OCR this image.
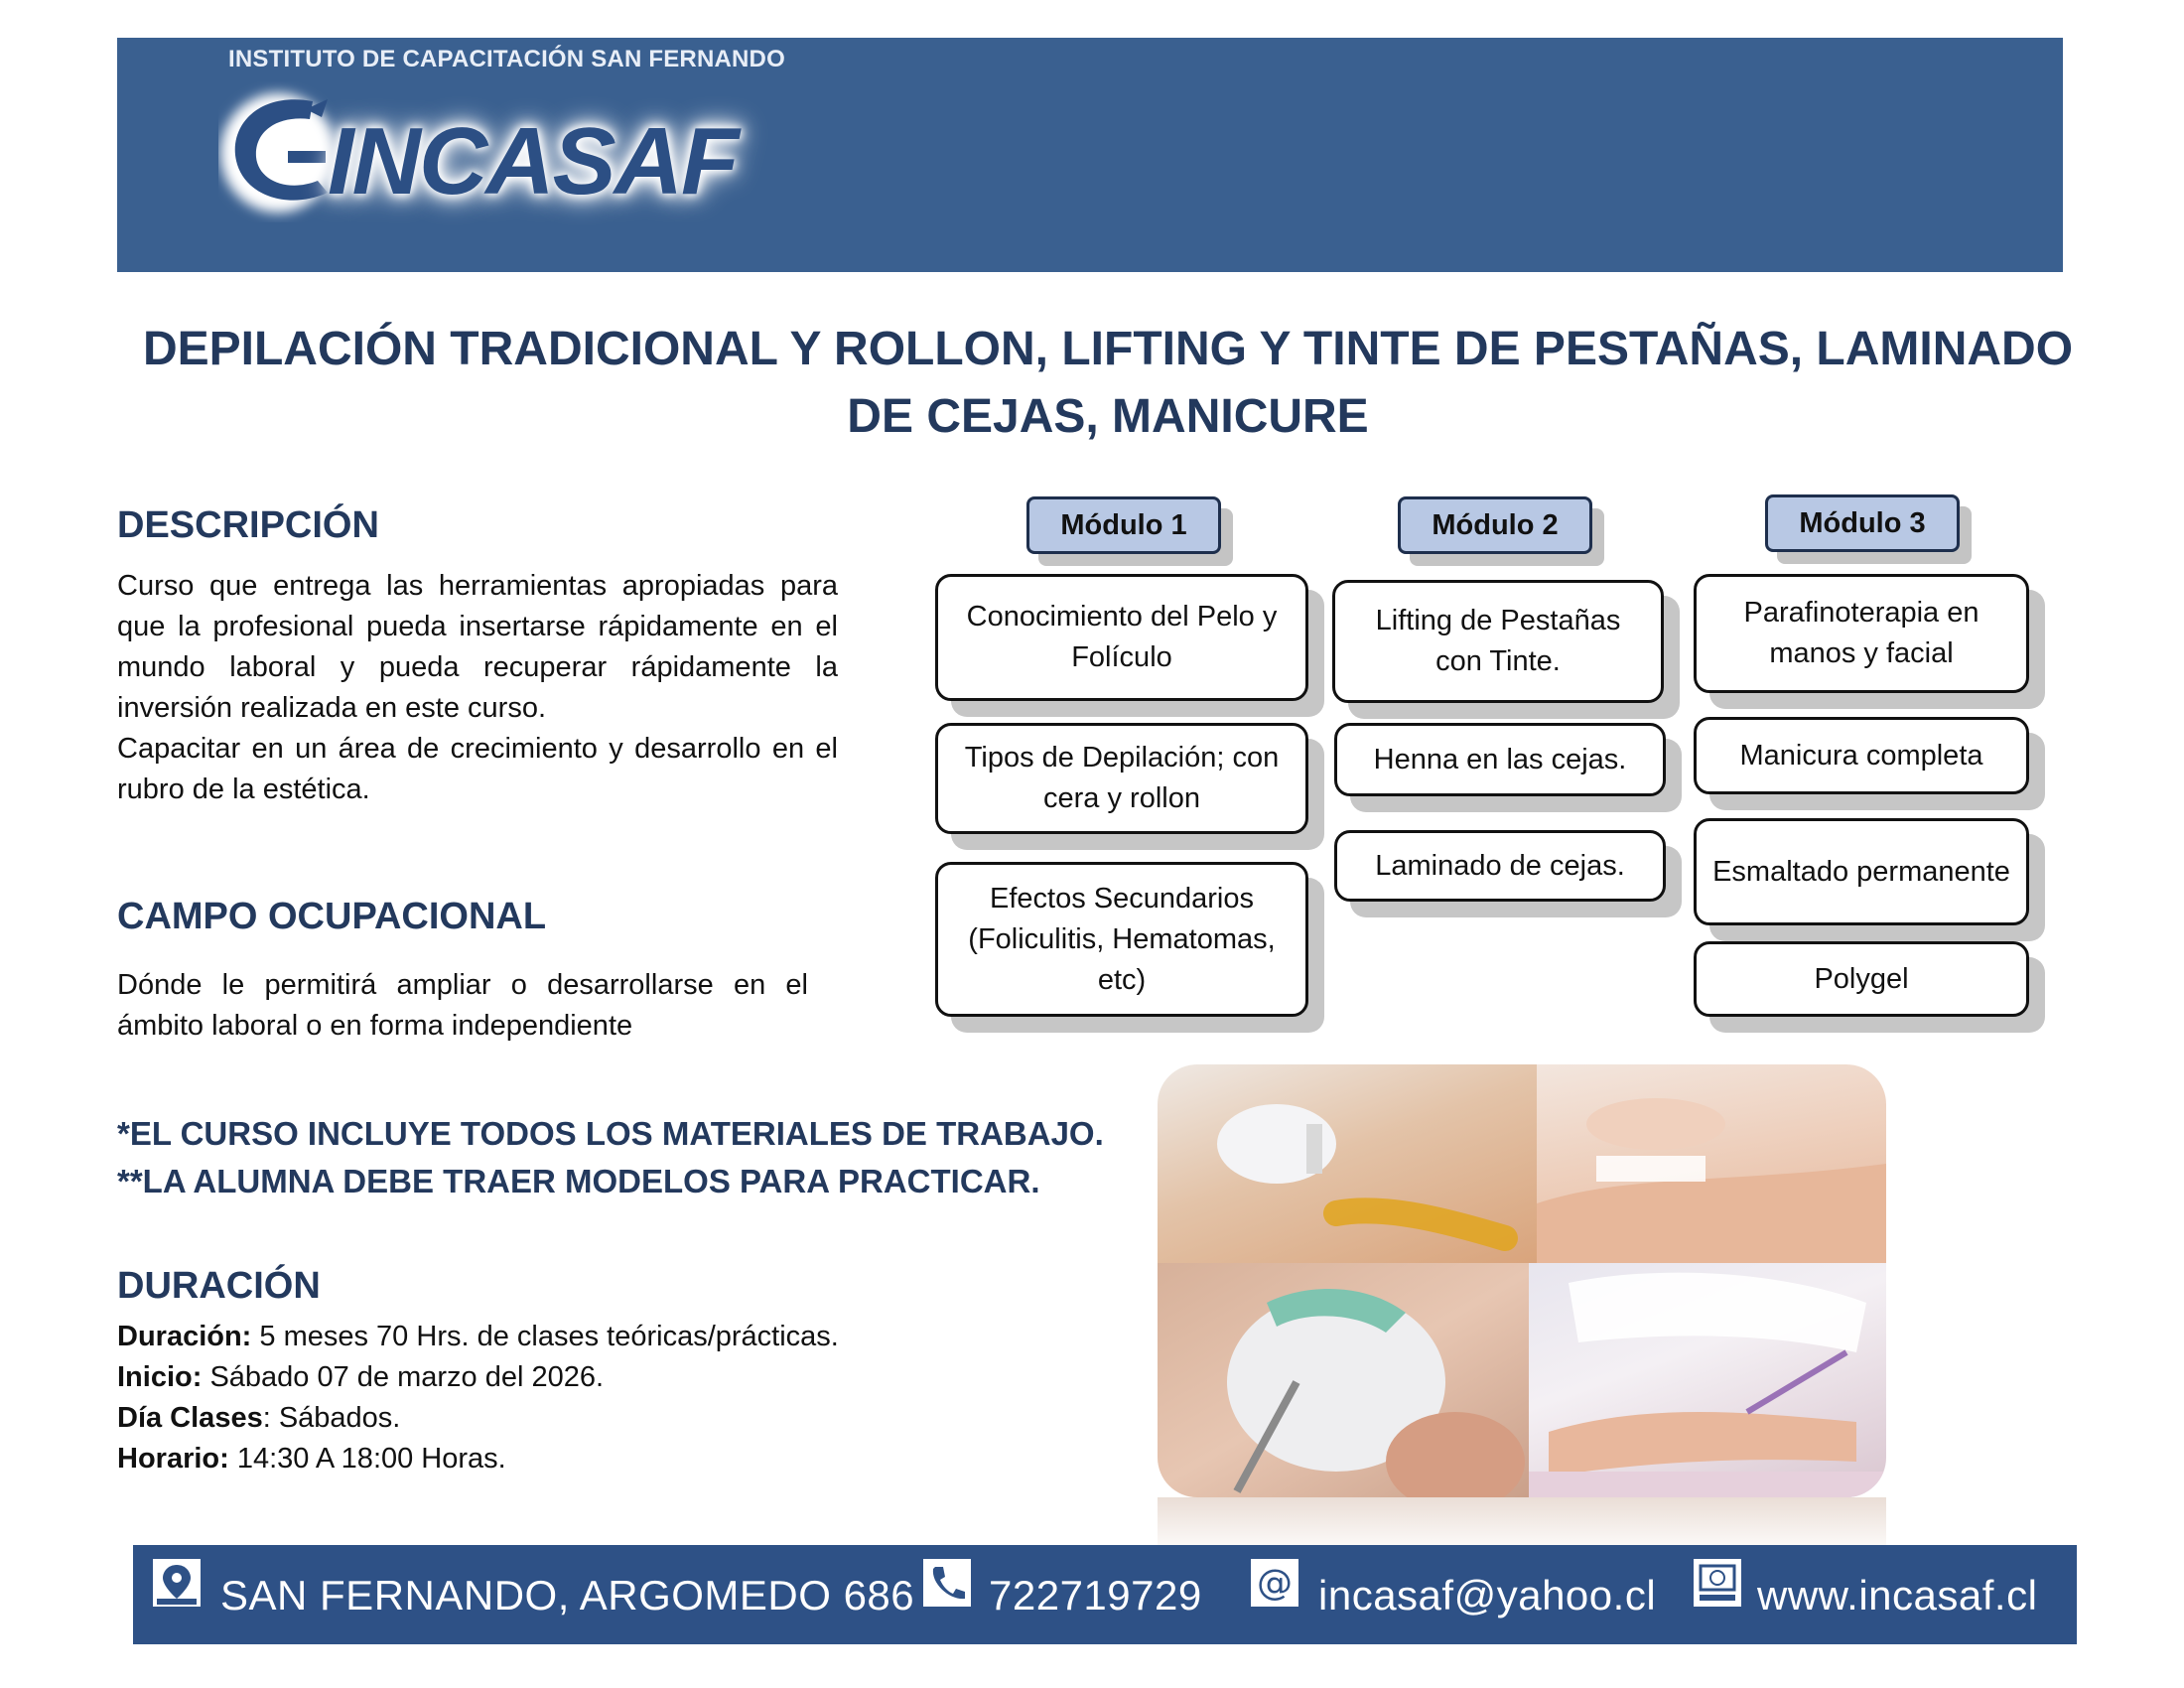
INSTITUTO DE CAPACITACIÓN SAN FERNANDO
INCASAF
DEPILACIÓN TRADICIONAL Y ROLLON, LIFTING Y TINTE DE PESTAÑAS, LAMINADO DE CEJAS, MANICURE
DESCRIPCIÓN
Curso que entrega las herramientas apropiadas para que la profesional pueda insertarse rápidamente en el mundo laboral y pueda recuperar rápidamente la inversión realizada en este curso.
Capacitar en un área de crecimiento y desarrollo en el rubro de la estética.
CAMPO OCUPACIONAL
Dónde le permitirá ampliar o desarrollarse en el ámbito laboral o en forma independiente
Módulo 1
Conocimiento del Pelo y Folículo
Tipos de Depilación; con cera y rollon
Efectos Secundarios (Foliculitis, Hematomas, etc)
Módulo 2
Lifting de Pestañas con Tinte.
Henna en las cejas.
Laminado de cejas.
Módulo 3
Parafinoterapia en manos y facial
Manicura completa
Esmaltado permanente
Polygel
*EL CURSO INCLUYE TODOS LOS MATERIALES DE TRABAJO.
**LA ALUMNA DEBE TRAER MODELOS PARA PRACTICAR.
DURACIÓN
Duración: 5 meses 70 Hrs. de clases teóricas/prácticas.
Inicio: Sábado 07 de marzo del 2026.
Día Clases: Sábados.
Horario: 14:30 A 18:00 Horas.
SAN FERNANDO, ARGOMEDO 686 722719729 @ incasaf@yahoo.cl www.incasaf.cl
